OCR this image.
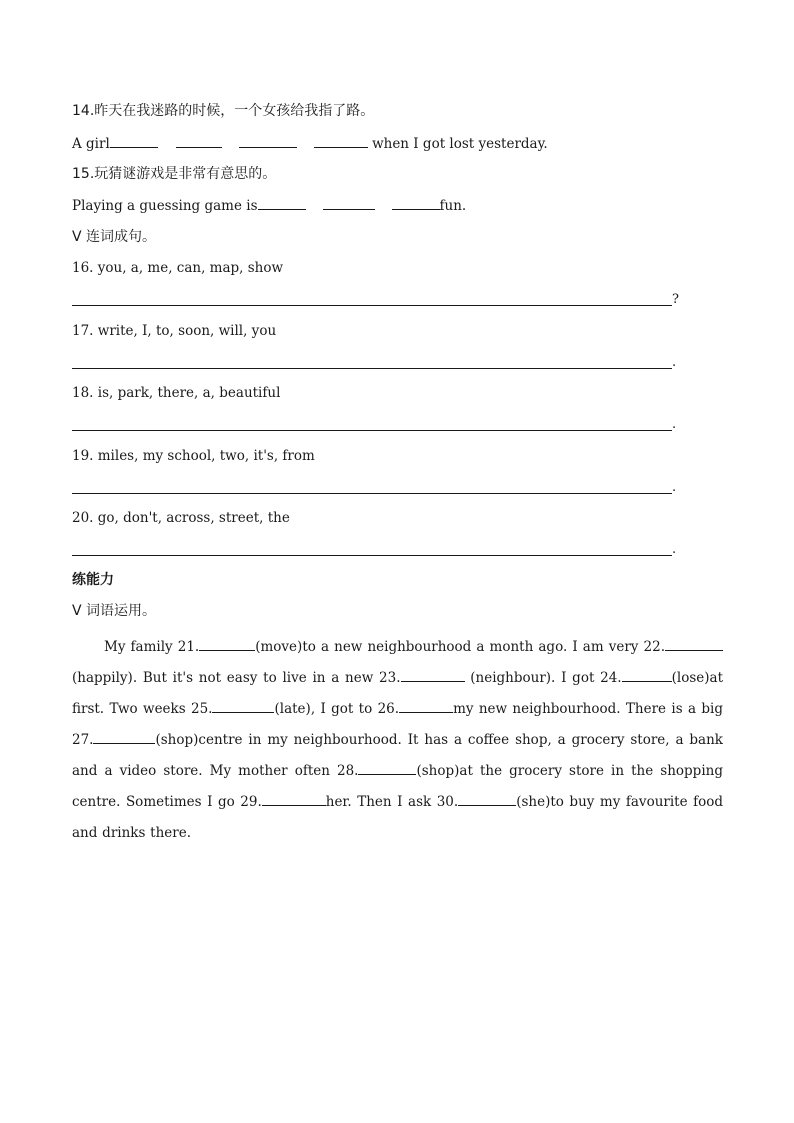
14.昨天在我迷路的时候，一个女孩给我指了路。
A girl	when I got lost yesterday.
15.玩猜谜游戏是非常有意思的。
Playing a guessing game is	fun.
V 连词成句。
16. you, a, me, can, map, show
?
17. write, I, to, soon, will, you
.
18. is, park, there, a, beautiful
.
19. miles, my school, two, it's, from
.
20. go, don't, across, street, the
.
练能力
V 词语运用。
My family 21.	(move)to a new neighbourhood a month ago. I am very 22. (happily). But it's not easy to live in a new 23.	(neighbour). I got 24.	(lose)at first. Two weeks 25.	(late), I got to 26.	my new neighbourhood. There is a big 27.	(shop)centre in my neighbourhood. It has a coffee shop, a grocery store, a bank and a video store. My mother often 28.	(shop)at the grocery store in the shopping centre. Sometimes I go 29.	her. Then I ask 30.	(she)to buy my favourite food and drinks there.
